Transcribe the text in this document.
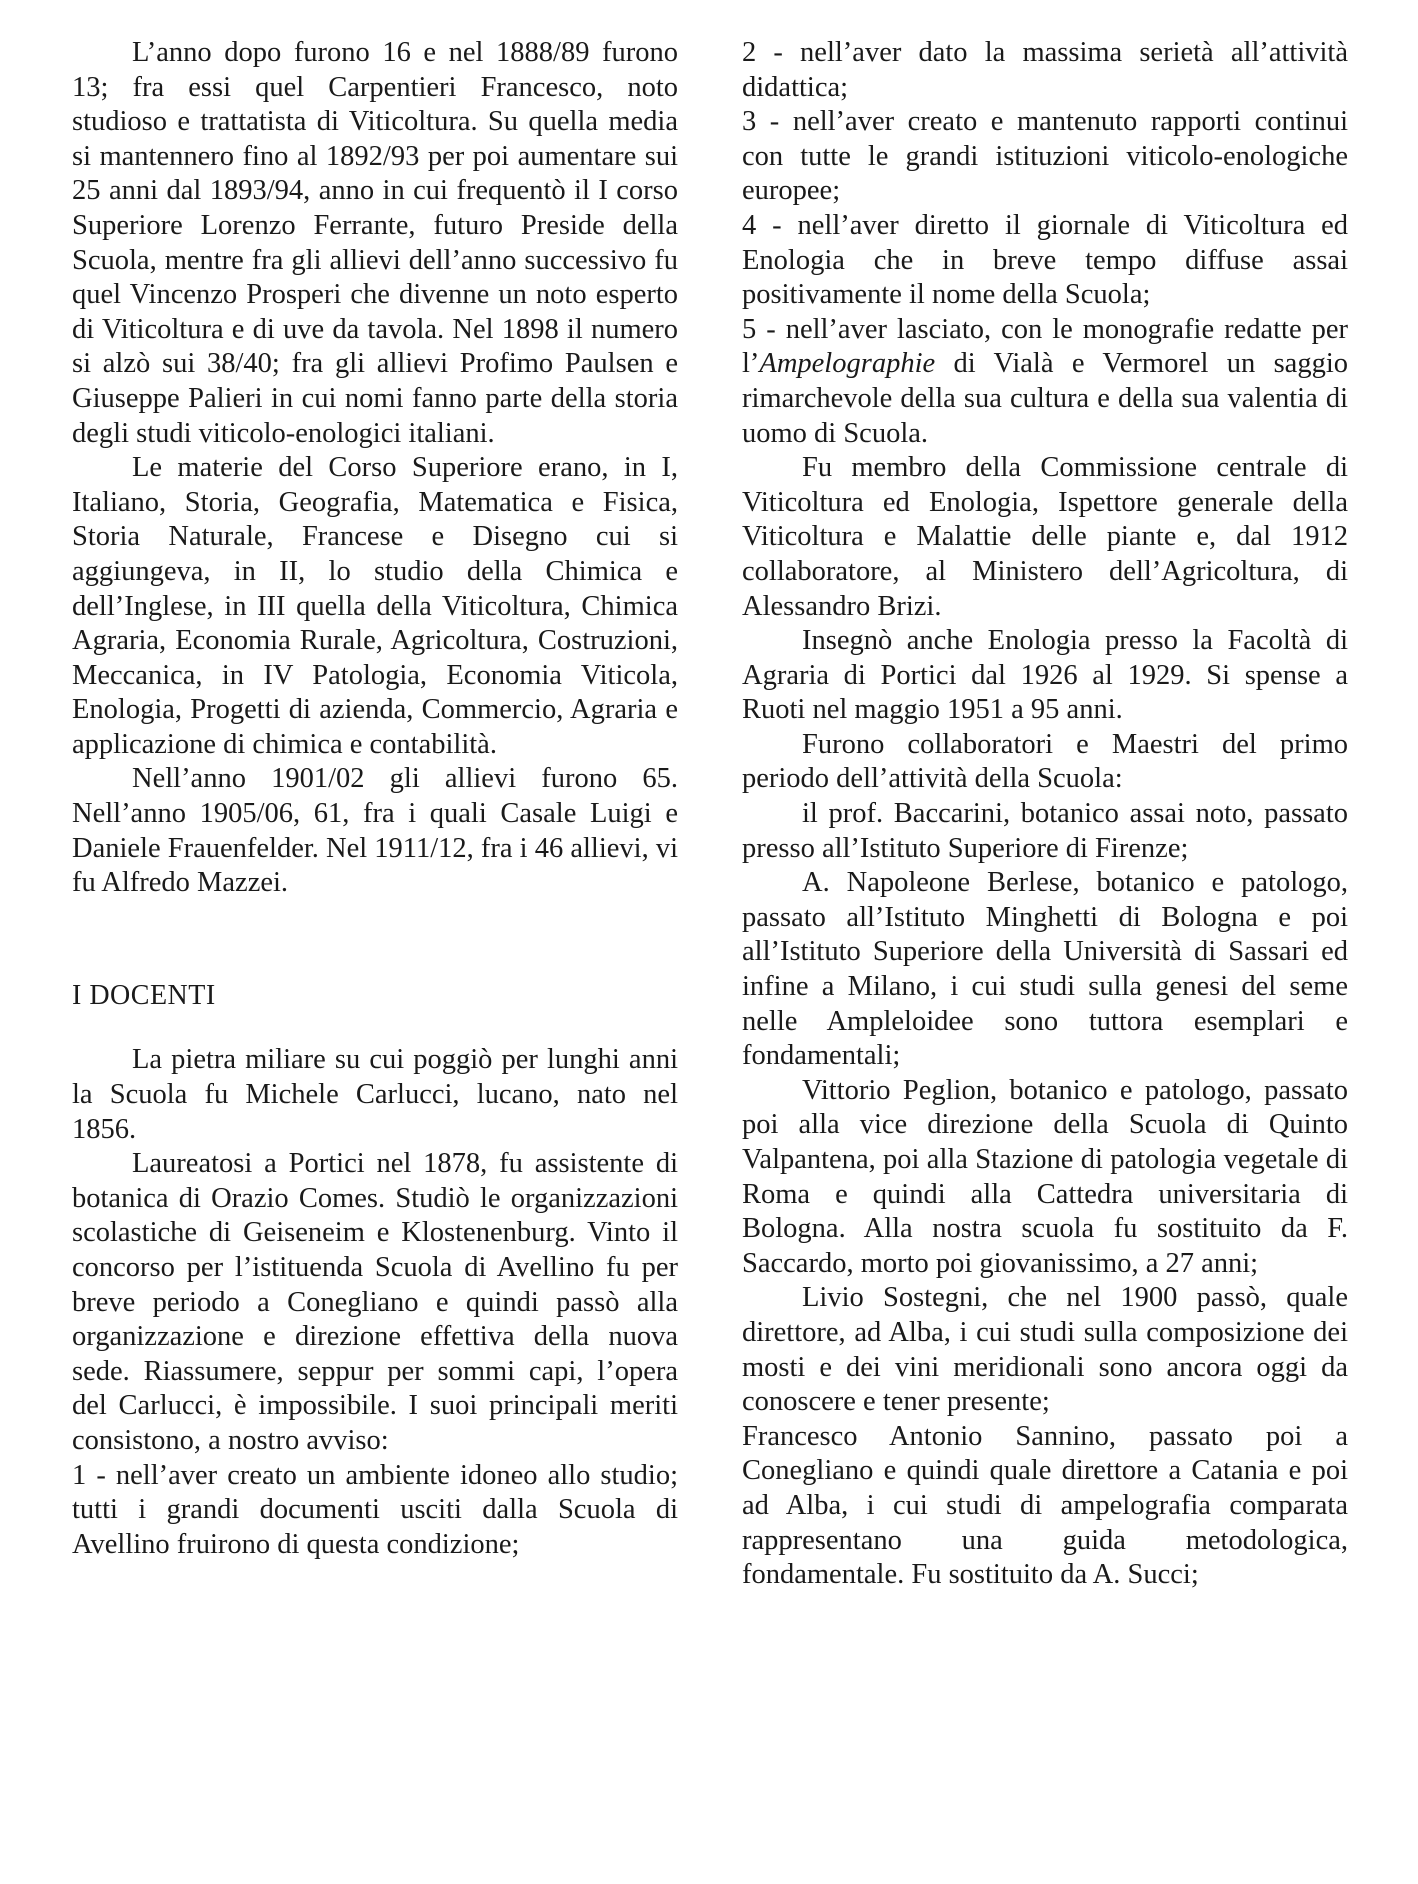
L’anno dopo furono 16 e nel 1888/89 furono 13; fra essi quel Carpentieri Francesco, noto studioso e trattatista di Viticoltura. Su quella media si mantennero fino al 1892/93 per poi aumentare sui 25 anni dal 1893/94, anno in cui frequentò il I corso Superiore Lorenzo Ferrante, futuro Preside della Scuola, mentre fra gli allievi dell’anno successivo fu quel Vincenzo Prosperi che divenne un noto esperto di Viticoltura e di uve da tavola. Nel 1898 il numero si alzò sui 38/40; fra gli allievi Profimo Paulsen e Giuseppe Palieri in cui nomi fanno parte della storia degli studi viticolo-enologici italiani.

Le materie del Corso Superiore erano, in I, Italiano, Storia, Geografia, Matematica e Fisica, Storia Naturale, Francese e Disegno cui si aggiungeva, in II, lo studio della Chimica e dell’Inglese, in III quella della Viticoltura, Chimica Agraria, Economia Rurale, Agricoltura, Costruzioni, Meccanica, in IV Patologia, Economia Viticola, Enologia, Progetti di azienda, Commercio, Agraria e applicazione di chimica e contabilità.

Nell’anno 1901/02 gli allievi furono 65. Nell’anno 1905/06, 61, fra i quali Casale Luigi e Daniele Frauenfelder. Nel 1911/12, fra i 46 allievi, vi fu Alfredo Mazzei.

I DOCENTI

La pietra miliare su cui poggiò per lunghi anni la Scuola fu Michele Carlucci, lucano, nato nel 1856.

Laureatosi a Portici nel 1878, fu assistente di botanica di Orazio Comes. Studiò le organizzazioni scolastiche di Geiseneim e Klostenenburg. Vinto il concorso per l’istituenda Scuola di Avellino fu per breve periodo a Conegliano e quindi passò alla organizzazione e direzione effettiva della nuova sede. Riassumere, seppur per sommi capi, l’opera del Carlucci, è impossibile. I suoi principali meriti consistono, a nostro avviso:

1 - nell’aver creato un ambiente idoneo allo studio; tutti i grandi documenti usciti dalla Scuola di Avellino fruirono di questa condizione;

2 - nell’aver dato la massima serietà all’attività didattica;

3 - nell’aver creato e mantenuto rapporti continui con tutte le grandi istituzioni viticolo-enologiche europee;

4 - nell’aver diretto il giornale di Viticoltura ed Enologia che in breve tempo diffuse assai positivamente il nome della Scuola;

5 - nell’aver lasciato, con le monografie redatte per l’Ampelographie di Vialà e Vermorel un saggio rimarchevole della sua cultura e della sua valentia di uomo di Scuola.

Fu membro della Commissione centrale di Viticoltura ed Enologia, Ispettore generale della Viticoltura e Malattie delle piante e, dal 1912 collaboratore, al Ministero dell’Agricoltura, di Alessandro Brizi.

Insegnò anche Enologia presso la Facoltà di Agraria di Portici dal 1926 al 1929. Si spense a Ruoti nel maggio 1951 a 95 anni.

Furono collaboratori e Maestri del primo periodo dell’attività della Scuola:

il prof. Baccarini, botanico assai noto, passato presso all’Istituto Superiore di Firenze;

A. Napoleone Berlese, botanico e patologo, passato all’Istituto Minghetti di Bologna e poi all’Istituto Superiore della Università di Sassari ed infine a Milano, i cui studi sulla genesi del seme nelle Ampleloidee sono tuttora esemplari e fondamentali;

Vittorio Peglion, botanico e patologo, passato poi alla vice direzione della Scuola di Quinto Valpantena, poi alla Stazione di patologia vegetale di Roma e quindi alla Cattedra universitaria di Bologna. Alla nostra scuola fu sostituito da F. Saccardo, morto poi giovanissimo, a 27 anni;

Livio Sostegni, che nel 1900 passò, quale direttore, ad Alba, i cui studi sulla composizione dei mosti e dei vini meridionali sono ancora oggi da conoscere e tener presente;

Francesco Antonio Sannino, passato poi a Conegliano e quindi quale direttore a Catania e poi ad Alba, i cui studi di ampelografia comparata rappresentano una guida metodologica, fondamentale. Fu sostituito da A. Succi;
